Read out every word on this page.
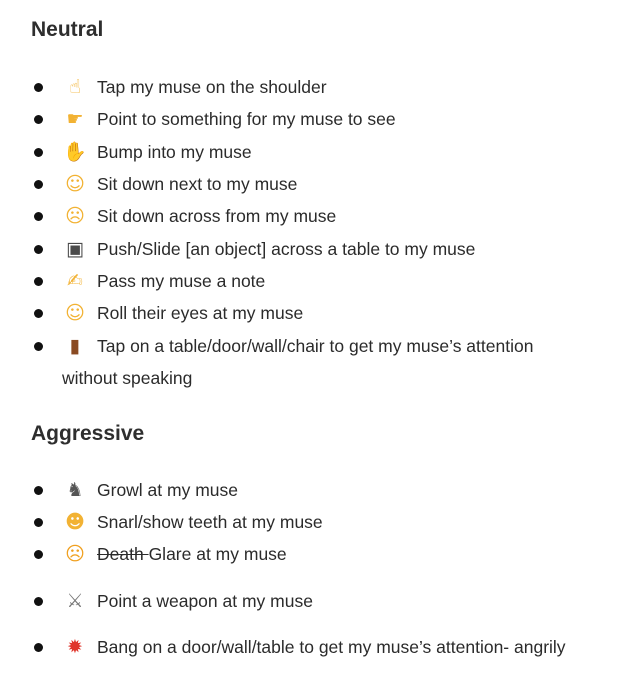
Neutral
☝ Tap my muse on the shoulder
☛ Point to something for my muse to see
✋ Bump into my muse
☺ Sit down next to my muse
☹ Sit down across from my muse
▣ Push/Slide [an object] across a table to my muse
✍ Pass my muse a note
☺ Roll their eyes at my muse
▮ Tap on a table/door/wall/chair to get my muse’s attention
without speaking
Aggressive
♞ Growl at my muse
☻ Snarl/show teeth at my muse
☹ Death Glare at my muse
⚔ Point a weapon at my muse
✹ Bang on a door/wall/table to get my muse’s attention- angrily
